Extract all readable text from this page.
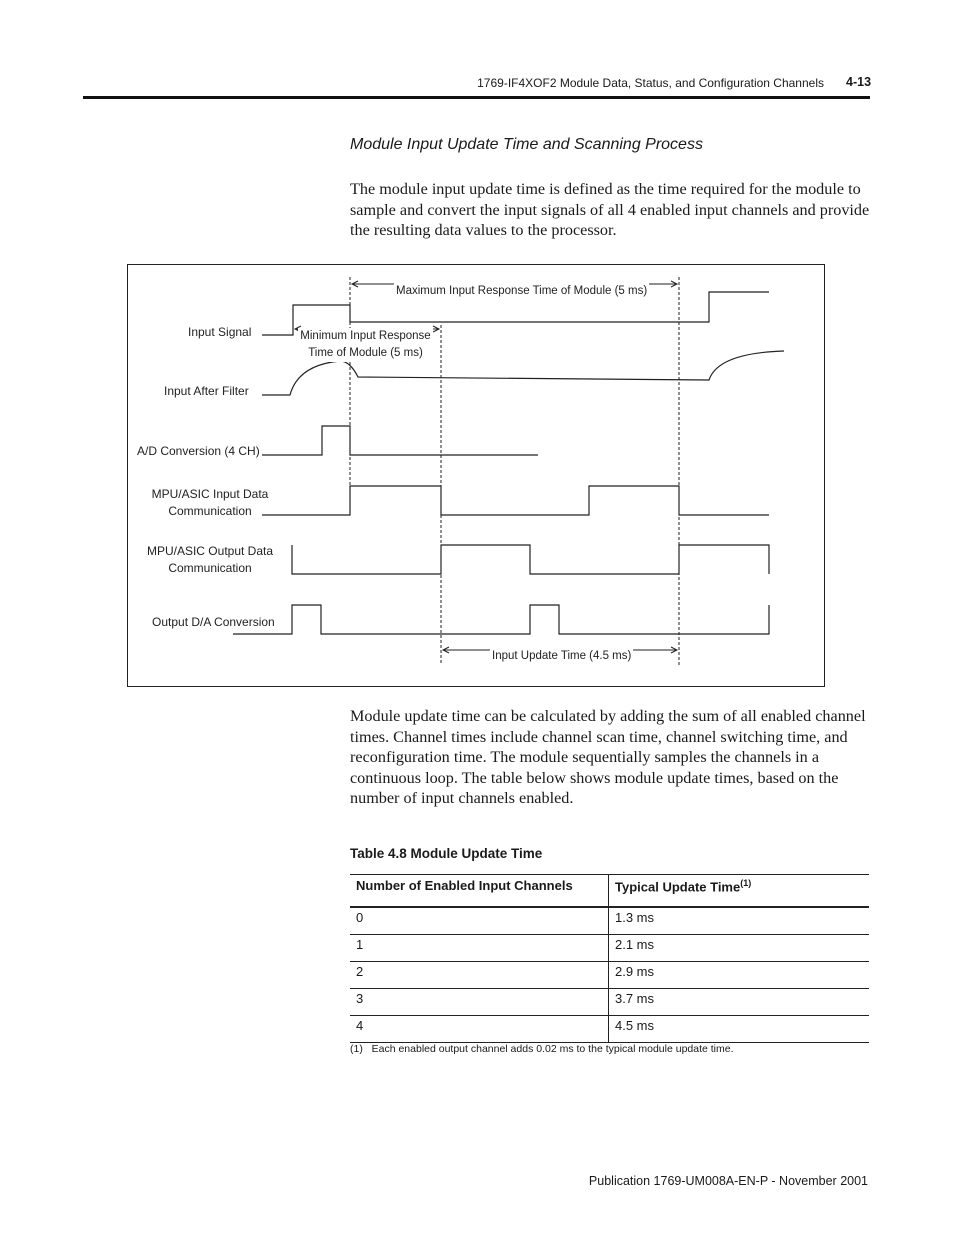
1769-IF4XOF2 Module Data, Status, and Configuration Channels 4-13
Module Input Update Time and Scanning Process
The module input update time is defined as the time required for the module to sample and convert the input signals of all 4 enabled input channels and provide the resulting data values to the processor.
Input Signal
Input After Filter
A/D Conversion (4 CH)
MPU/ASIC Input Data
Communication
MPU/ASIC Output Data
Communication
Output D/A Conversion
Maximum Input Response Time of Module (5 ms)
Minimum Input Response
Time of Module (5 ms)
Input Update Time (4.5 ms)
Module update time can be calculated by adding the sum of all enabled channel times. Channel times include channel scan time, channel switching time, and reconfiguration time. The module sequentially samples the channels in a continuous loop. The table below shows module update times, based on the number of input channels enabled.
Table 4.8 Module Update Time
Number of Enabled Input Channels	Typical Update Time$^{(1)}$
0	1.3 ms
1	2.1 ms
2	2.9 ms
3	3.7 ms
4	4.5 ms
(1) Each enabled output channel adds 0.02 ms to the typical module update time.
Publication 1769-UM008A-EN-P - November 2001
